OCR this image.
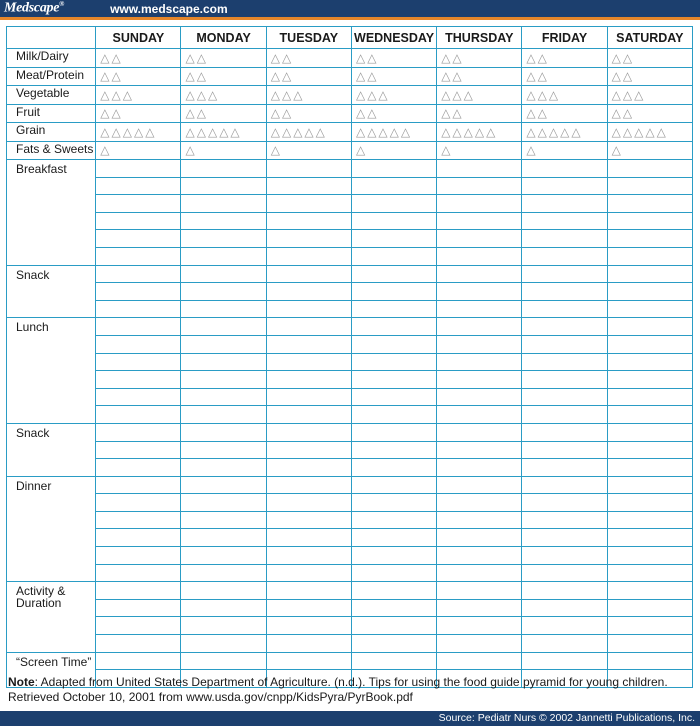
Medscape®	www.medscape.com
	SUNDAY	MONDAY	TUESDAY	WEDNESDAY	THURSDAY	FRIDAY	SATURDAY
Milk/Dairy	△△	△△	△△	△△	△△	△△	△△
Meat/Protein	△△	△△	△△	△△	△△	△△	△△
Vegetable	△△△	△△△	△△△	△△△	△△△	△△△	△△△
Fruit	△△	△△	△△	△△	△△	△△	△△
Grain	△△△△△	△△△△△	△△△△△	△△△△△	△△△△△	△△△△△	△△△△△
Fats & Sweets	△	△	△	△	△	△	△
Breakfast							

Snack							

Lunch							

Snack							

Dinner							

Activity & Duration							

“Screen Time”							

Note: Adapted from United States Department of Agriculture. (n.d.). Tips for using the food guide pyramid for young children. Retrieved October 10, 2001 from www.usda.gov/cnpp/KidsPyra/PyrBook.pdf
Source: Pediatr Nurs © 2002 Jannetti Publications, Inc.
